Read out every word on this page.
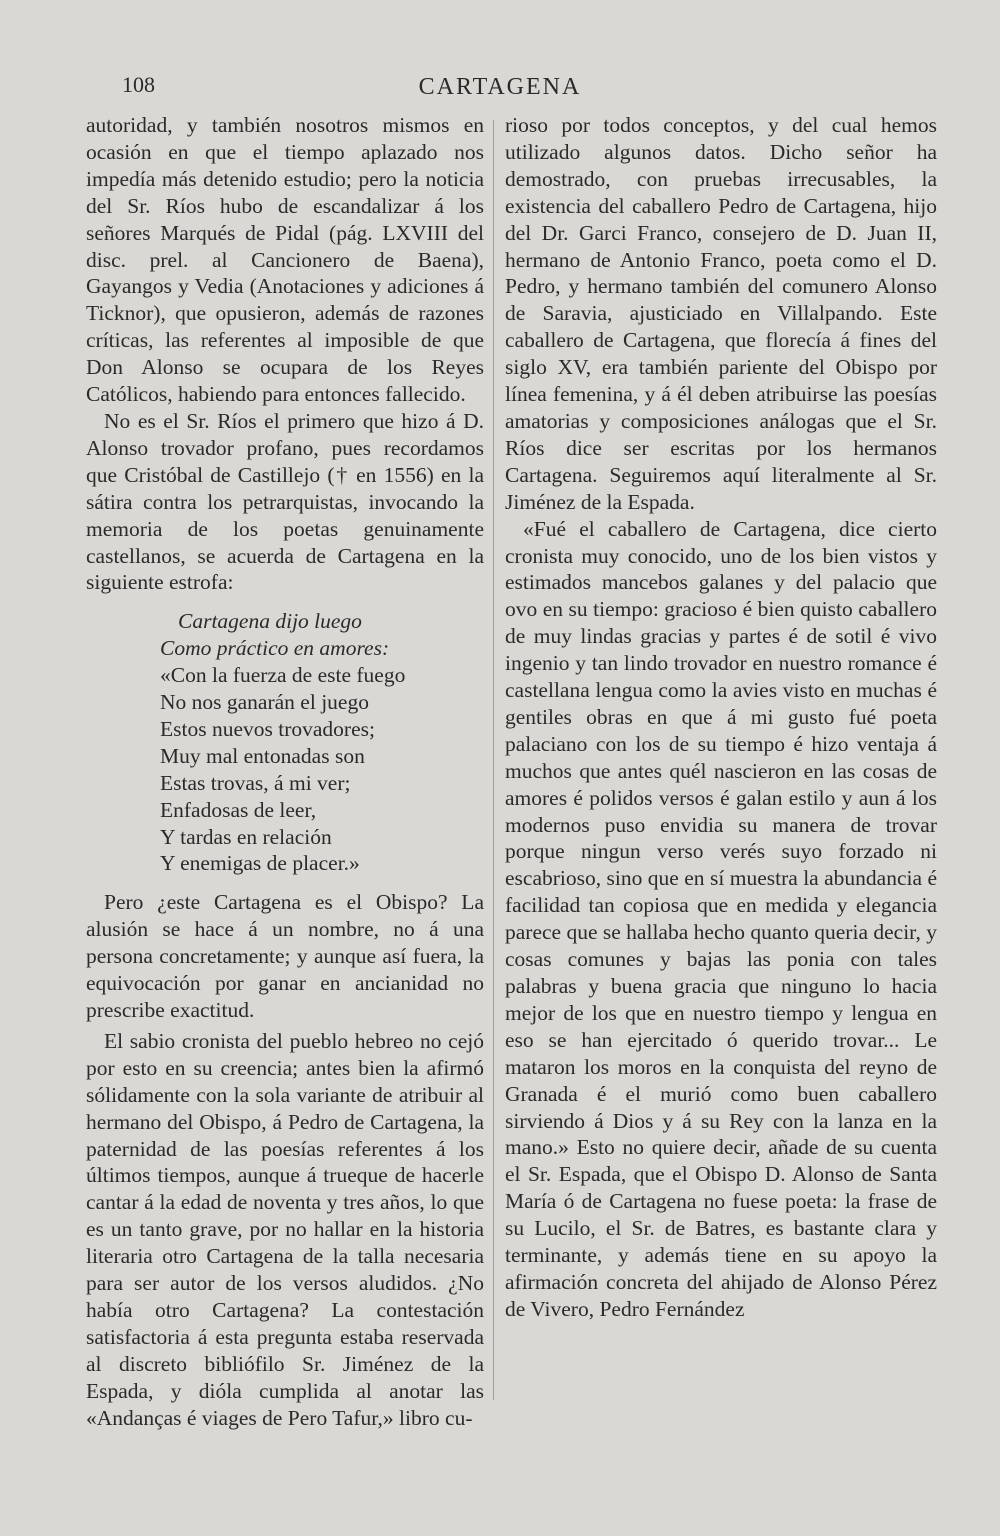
108	CARTAGENA

autoridad, y también nosotros mismos en ocasión en que el tiempo aplazado nos impedía más detenido estudio; pero la noticia del Sr. Ríos hubo de escandalizar á los señores Marqués de Pidal (pág. LXVIII del disc. prel. al Cancionero de Baena), Gayangos y Vedia (Anotaciones y adiciones á Ticknor), que opusieron, además de razones críticas, las referentes al imposible de que Don Alonso se ocupara de los Reyes Católicos, habiendo para entonces fallecido.

No es el Sr. Ríos el primero que hizo á D. Alonso trovador profano, pues recordamos que Cristóbal de Castillejo († en 1556) en la sátira contra los petrarquistas, invocando la memoria de los poetas genuinamente castellanos, se acuerda de Cartagena en la siguiente estrofa:

Cartagena dijo luego
Como práctico en amores:
«Con la fuerza de este fuego
No nos ganarán el juego
Estos nuevos trovadores;
Muy mal entonadas son
Estas trovas, á mi ver;
Enfadosas de leer,
Y tardas en relación
Y enemigas de placer.»

Pero ¿este Cartagena es el Obispo? La alusión se hace á un nombre, no á una persona concretamente; y aunque así fuera, la equivocación por ganar en ancianidad no prescribe exactitud.

El sabio cronista del pueblo hebreo no cejó por esto en su creencia; antes bien la afirmó sólidamente con la sola variante de atribuir al hermano del Obispo, á Pedro de Cartagena, la paternidad de las poesías referentes á los últimos tiempos, aunque á trueque de hacerle cantar á la edad de noventa y tres años, lo que es un tanto grave, por no hallar en la historia literaria otro Cartagena de la talla necesaria para ser autor de los versos aludidos. ¿No había otro Cartagena? La contestación satisfactoria á esta pregunta estaba reservada al discreto bibliófilo Sr. Jiménez de la Espada, y dióla cumplida al anotar las «Andanças é viages de Pero Tafur,» libro cu-

rioso por todos conceptos, y del cual hemos utilizado algunos datos. Dicho señor ha demostrado, con pruebas irrecusables, la existencia del caballero Pedro de Cartagena, hijo del Dr. Garci Franco, consejero de D. Juan II, hermano de Antonio Franco, poeta como el D. Pedro, y hermano también del comunero Alonso de Saravia, ajusticiado en Villalpando. Este caballero de Cartagena, que florecía á fines del siglo XV, era también pariente del Obispo por línea femenina, y á él deben atribuirse las poesías amatorias y composiciones análogas que el Sr. Ríos dice ser escritas por los hermanos Cartagena. Seguiremos aquí literalmente al Sr. Jiménez de la Espada.

«Fué el caballero de Cartagena, dice cierto cronista muy conocido, uno de los bien vistos y estimados mancebos galanes y del palacio que ovo en su tiempo: gracioso é bien quisto caballero de muy lindas gracias y partes é de sotil é vivo ingenio y tan lindo trovador en nuestro romance é castellana lengua como la avies visto en muchas é gentiles obras en que á mi gusto fué poeta palaciano con los de su tiempo é hizo ventaja á muchos que antes quél nascieron en las cosas de amores é polidos versos é galan estilo y aun á los modernos puso envidia su manera de trovar porque ningun verso verés suyo forzado ni escabrioso, sino que en sí muestra la abundancia é facilidad tan copiosa que en medida y elegancia parece que se hallaba hecho quanto queria decir, y cosas comunes y bajas las ponia con tales palabras y buena gracia que ninguno lo hacia mejor de los que en nuestro tiempo y lengua en eso se han ejercitado ó querido trovar... Le mataron los moros en la conquista del reyno de Granada é el murió como buen caballero sirviendo á Dios y á su Rey con la lanza en la mano.» Esto no quiere decir, añade de su cuenta el Sr. Espada, que el Obispo D. Alonso de Santa María ó de Cartagena no fuese poeta: la frase de su Lucilo, el Sr. de Batres, es bastante clara y terminante, y además tiene en su apoyo la afirmación concreta del ahijado de Alonso Pérez de Vivero, Pedro Fernández
